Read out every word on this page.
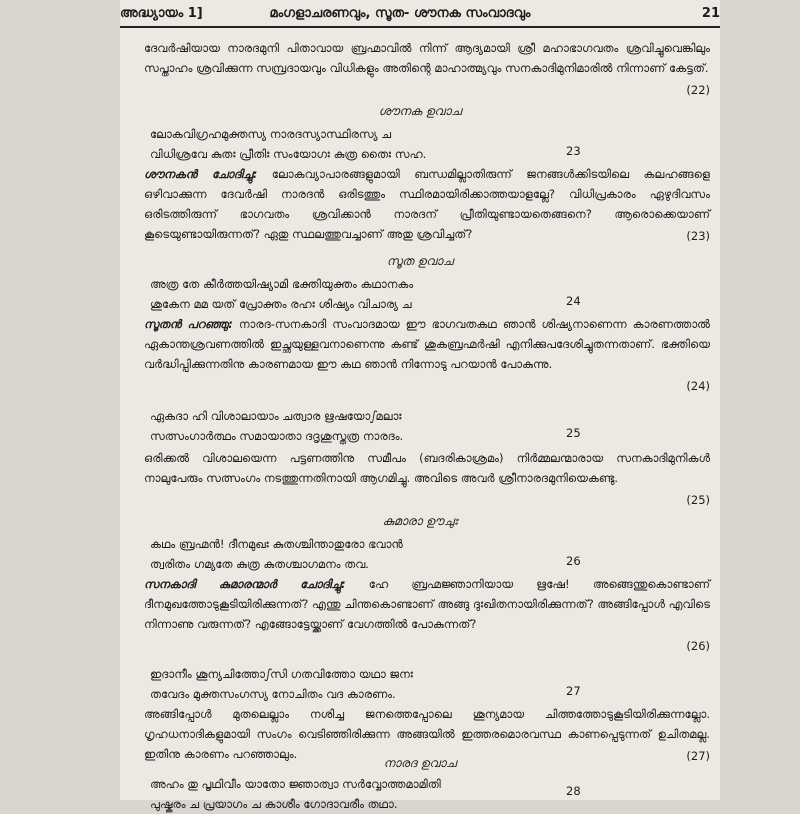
അദ്ധ്യായം 1]	മംഗളാചരണവും, സൂത- ശൗനക സംവാദവും	21
ദേവർഷിയായ നാരദമുനി പിതാവായ ബ്രഹ്മാവിൽ നിന്ന് ആദ്യമായി ശ്രീ മഹാഭാഗവതം ശ്രവിച്ചുവെങ്കിലും സപ്താഹം ശ്രവിക്കുന്ന സമ്പ്രദായവും വിധികളും അതിന്റെ മാഹാത്മ്യവും സനകാദിമുനിമാരിൽ നിന്നാണ് കേട്ടത്.
(22)
ശൗനക ഉവാച
ലോകവിഗ്രഹമുക്തസ്യ നാരദസ്യാസ്ഥിരസ്യ ച
വിധിശ്രവേ കുതഃ പ്രീതിഃ സംയോഗഃ കുത്ര തൈഃ സഹ.	23
ശൗനകൻ ചോദിച്ചു: ലോകവ്യാപാരങ്ങളുമായി ബന്ധമില്ലാതിരുന്ന് ജനങ്ങൾക്കിടയിലെ കലഹങ്ങളെ ഒഴിവാക്കുന്ന ദേവർഷി നാരദൻ ഒരിടത്തും സ്ഥിരമായിരിക്കാത്തയാളല്ലേ? വിധിപ്രകാരം ഏഴുദിവസം ഒരിടത്തിരുന്ന് ഭാഗവതം ശ്രവിക്കാൻ നാരദന് പ്രീതിയുണ്ടായതെങ്ങനെ? ആരൊക്കെയാണ് കൂടെയുണ്ടായിരുന്നത്? ഏതു സ്ഥലത്തുവച്ചാണ് അതു ശ്രവിച്ചത്?	(23)
സൂത ഉവാച
അത്ര തേ കീർത്തയിഷ്യാമി ഭക്തിയുക്തം കഥാനകം
ശുകേന മമ യത് പ്രോക്തം രഹഃ ശിഷ്യം വിചാര്യ ച	24
സൂതൻ പറഞ്ഞു: നാരദ-സനകാദി സംവാദമായ ഈ ഭാഗവതകഥ ഞാൻ ശിഷ്യനാണെന്ന കാരണത്താൽ ഏകാന്തശ്രവണത്തിൽ ഇച്ഛയുള്ളവനാണെന്നു കണ്ട് ശുകബ്രഹ്മർഷി എനിക്കുപദേശിച്ചുതന്നതാണ്. ഭക്തിയെ വർദ്ധിപ്പിക്കുന്നതിനു കാരണമായ ഈ കഥ ഞാൻ നിന്നോടു പറയാൻ പോകുന്നു.
(24)
ഏകദാ ഹി വിശാലായാം ചത്വാര ഋഷയോഽമലാഃ
സത്സംഗാർത്ഥം സമായാതാ ദദൃശുസ്തത്ര നാരദം.	25
ഒരിക്കൽ വിശാലയെന്ന പട്ടണത്തിനു സമീപം (ബദരികാശ്രമം) നിർമ്മലന്മാരായ സനകാദിമുനികൾ നാലുപേരും സത്സംഗം നടത്തുന്നതിനായി ആഗമിച്ചു. അവിടെ അവർ ശ്രീനാരദമുനിയെകണ്ടു.
(25)
കുമാരാ ഊചുഃ
കഥം ബ്രഹ്മൻ! ദീനമുഖഃ കുതശ്ചിന്താതുരോ ഭവാൻ
ത്വരിതം ഗമ്യതേ കുത്ര കുതശ്ചാഗമനം തവ.	26
സനകാദി കുമാരന്മാർ ചോദിച്ചു: ഹേ ബ്രഹ്മജ്ഞാനിയായ ഋഷേ! അങ്ങെന്തുകൊണ്ടാണ് ദീനമുഖത്തോടുകൂടിയിരിക്കുന്നത്? എന്തു ചിന്തകൊണ്ടാണ് അങ്ങു ദുഃഖിതനായിരിക്കുന്നത്? അങ്ങിപ്പോൾ എവിടെ നിന്നാണു വരുന്നത്? എങ്ങോട്ടേയ്ക്കാണ് വേഗത്തിൽ പോകുന്നത്?
(26)
ഇദാനീം ശൂന്യചിത്തോഽസി ഗതവിത്തോ യഥാ ജനഃ
തവേദം മുക്തസംഗസ്യ നോചിതം വദ കാരണം.	27
അങ്ങിപ്പോൾ മുതലെല്ലാം നശിച്ച ജനത്തെപ്പോലെ ശൂന്യമായ ചിത്തത്തോടുകൂടിയിരിക്കുന്നല്ലോ. ഗൃഹധനാദികളുമായി സംഗം വെടിഞ്ഞിരിക്കുന്ന അങ്ങയിൽ ഇത്തരമൊരവസ്ഥ കാണപ്പെടുന്നത് ഉചിതമല്ല. ഇതിനു കാരണം പറഞ്ഞാലും.	(27)
നാരദ ഉവാച
അഹം തു പൃഥിവീം യാതോ ജ്ഞാത്വാ സർവ്വോത്തമാമിതി
പുഷ്കരം ച പ്രയാഗം ച കാശീം ഗോദാവരീം തഥാ.
28
